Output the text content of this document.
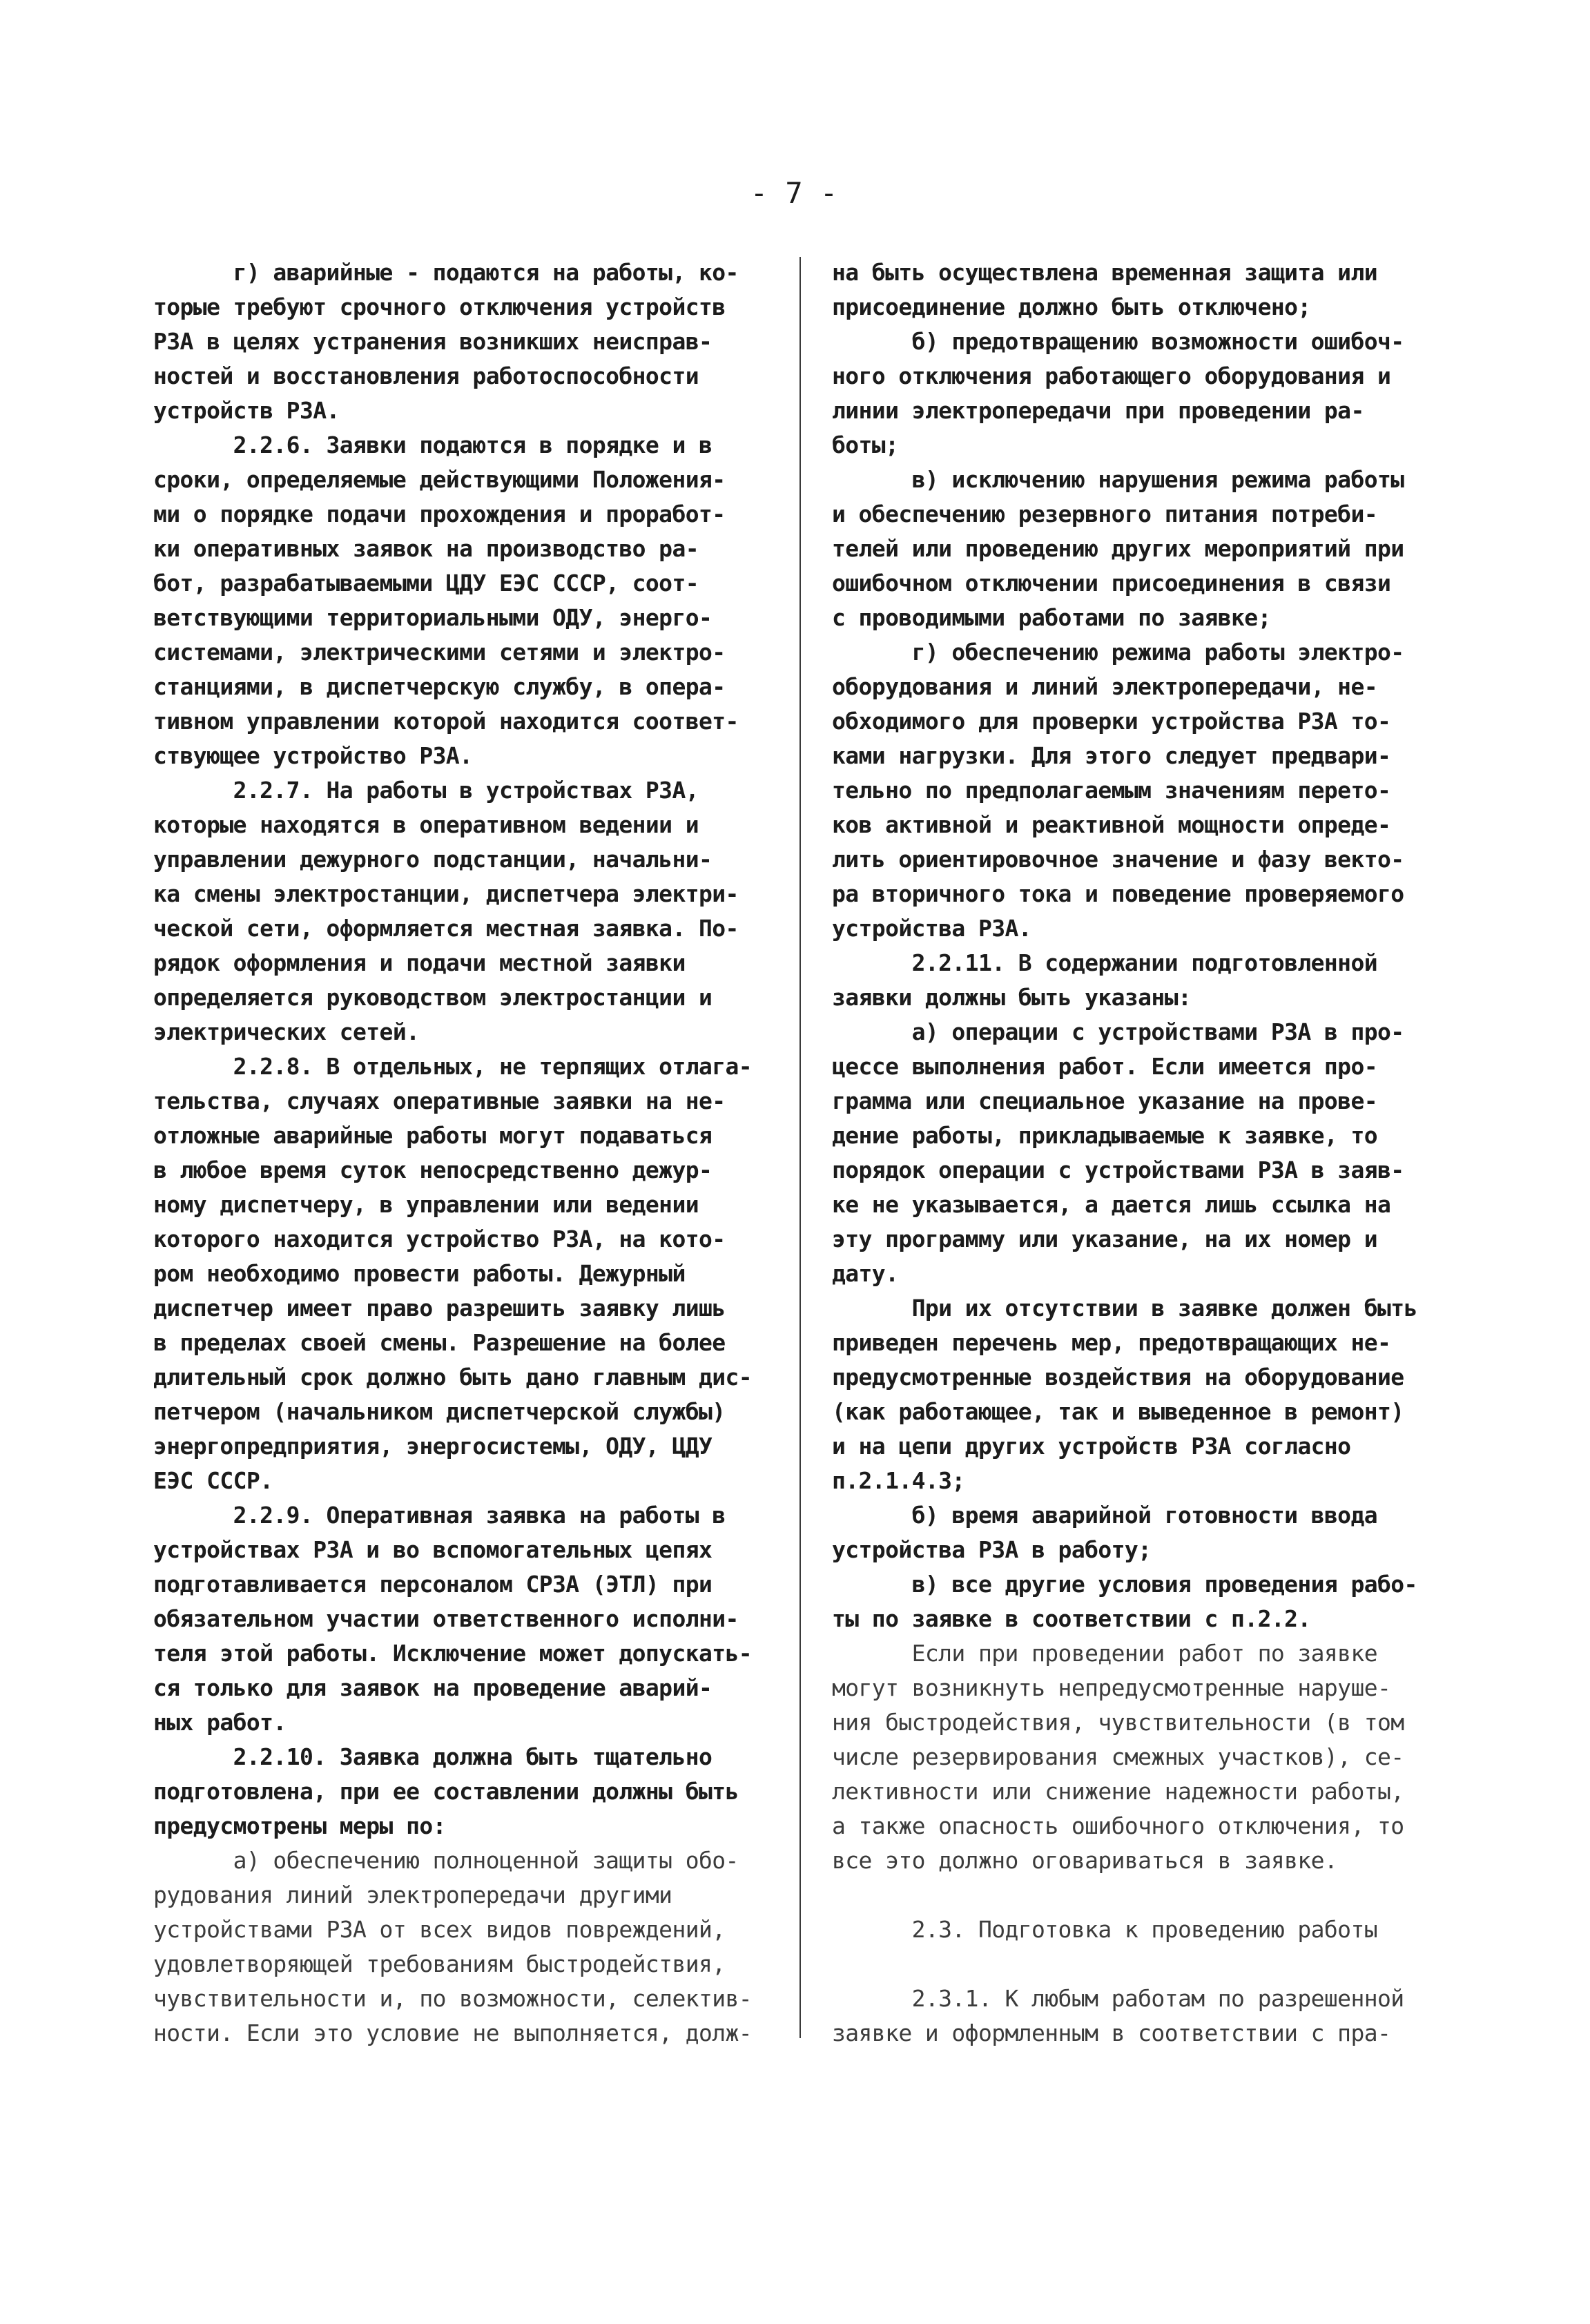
- 7 -
г) аварийные - подаются на работы, ко-
торые требуют срочного отключения устройств
РЗА в целях устранения возникших неисправ-
ностей и восстановления работоспособности
устройств РЗА.
2.2.6. Заявки подаются в порядке и в
сроки, определяемые действующими Положения-
ми о порядке подачи прохождения и проработ-
ки оперативных заявок на производство ра-
бот, разрабатываемыми ЦДУ ЕЭС СССР, соот-
ветствующими территориальными ОДУ, энерго-
системами, электрическими сетями и электро-
станциями, в диспетчерскую службу, в опера-
тивном управлении которой находится соответ-
ствующее устройство РЗА.
2.2.7. На работы в устройствах РЗА,
которые находятся в оперативном ведении и
управлении дежурного подстанции, начальни-
ка смены электростанции, диспетчера электри-
ческой сети, оформляется местная заявка. По-
рядок оформления и подачи местной заявки
определяется руководством электростанции и
электрических сетей.
2.2.8. В отдельных, не терпящих отлага-
тельства, случаях оперативные заявки на не-
отложные аварийные работы могут подаваться
в любое время суток непосредственно дежур-
ному диспетчеру, в управлении или ведении
которого находится устройство РЗА, на кото-
ром необходимо провести работы. Дежурный
диспетчер имеет право разрешить заявку лишь
в пределах своей смены. Разрешение на более
длительный срок должно быть дано главным дис-
петчером (начальником диспетчерской службы)
энергопредприятия, энергосистемы, ОДУ, ЦДУ
ЕЭС СССР.
2.2.9. Оперативная заявка на работы в
устройствах РЗА и во вспомогательных цепях
подготавливается персоналом СРЗА (ЭТЛ) при
обязательном участии ответственного исполни-
теля этой работы. Исключение может допускать-
ся только для заявок на проведение аварий-
ных работ.
2.2.10. Заявка должна быть тщательно
подготовлена, при ее составлении должны быть
предусмотрены меры по:
а) обеспечению полноценной защиты обо-
рудования линий электропередачи другими
устройствами РЗА от всех видов повреждений,
удовлетворяющей требованиям быстродействия,
чувствительности и, по возможности, селектив-
ности. Если это условие не выполняется, долж-
на быть осуществлена временная защита или
присоединение должно быть отключено;
б) предотвращению возможности ошибоч-
ного отключения работающего оборудования и
линии электропередачи при проведении ра-
боты;
в) исключению нарушения режима работы
и обеспечению резервного питания потреби-
телей или проведению других мероприятий при
ошибочном отключении присоединения в связи
с проводимыми работами по заявке;
г) обеспечению режима работы электро-
оборудования и линий электропередачи, не-
обходимого для проверки устройства РЗА то-
ками нагрузки. Для этого следует предвари-
тельно по предполагаемым значениям перето-
ков активной и реактивной мощности опреде-
лить ориентировочное значение и фазу векто-
ра вторичного тока и поведение проверяемого
устройства РЗА.
2.2.11. В содержании подготовленной
заявки должны быть указаны:
а) операции с устройствами РЗА в про-
цессе выполнения работ. Если имеется про-
грамма или специальное указание на прове-
дение работы, прикладываемые к заявке, то
порядок операции с устройствами РЗА в заяв-
ке не указывается, а дается лишь ссылка на
эту программу или указание, на их номер и
дату.
При их отсутствии в заявке должен быть
приведен перечень мер, предотвращающих не-
предусмотренные воздействия на оборудование
(как работающее, так и выведенное в ремонт)
и на цепи других устройств РЗА согласно
п.2.1.4.3;
б) время аварийной готовности ввода
устройства РЗА в работу;
в) все другие условия проведения рабо-
ты по заявке в соответствии с п.2.2.
Если при проведении работ по заявке
могут возникнуть непредусмотренные наруше-
ния быстродействия, чувствительности (в том
числе резервирования смежных участков), се-
лективности или снижение надежности работы,
а также опасность ошибочного отключения, то
все это должно оговариваться в заявке.
2.3. Подготовка к проведению работы
2.3.1. К любым работам по разрешенной
заявке и оформленным в соответствии с пра-
